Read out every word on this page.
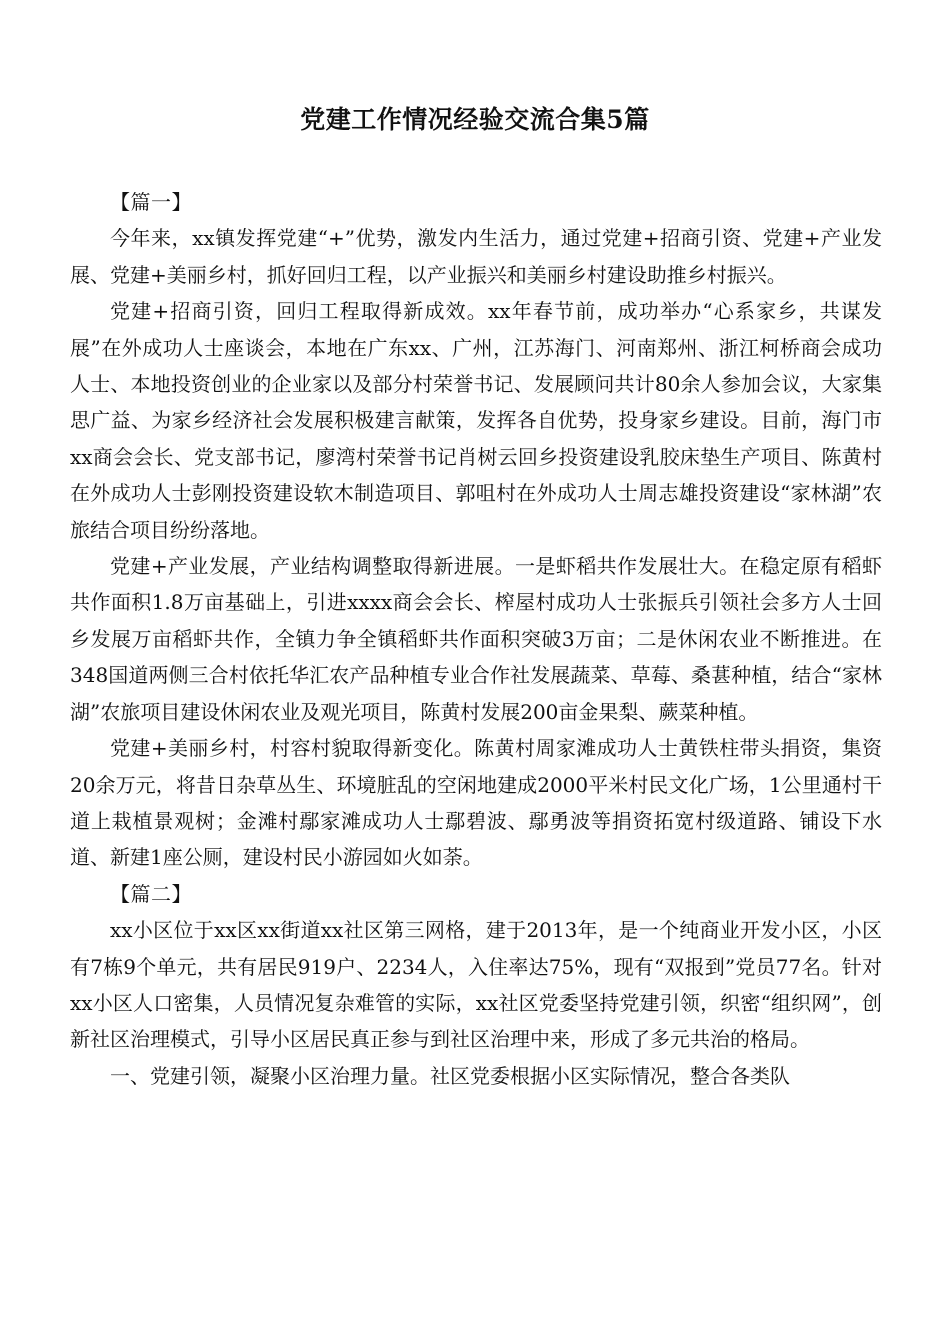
党建工作情况经验交流合集5篇

【篇一】

今年来，xx镇发挥党建“+”优势，激发内生活力，通过党建+招商引资、党建+产业发展、党建+美丽乡村，抓好回归工程，以产业振兴和美丽乡村建设助推乡村振兴。

党建+招商引资，回归工程取得新成效。xx年春节前，成功举办“心系家乡，共谋发展”在外成功人士座谈会，本地在广东xx、广州，江苏海门、河南郑州、浙江柯桥商会成功人士、本地投资创业的企业家以及部分村荣誉书记、发展顾问共计80余人参加会议，大家集思广益、为家乡经济社会发展积极建言献策，发挥各自优势，投身家乡建设。目前，海门市xx商会会长、党支部书记，廖湾村荣誉书记肖树云回乡投资建设乳胶床垫生产项目、陈黄村在外成功人士彭刚投资建设软木制造项目、郭咀村在外成功人士周志雄投资建设“家林湖”农旅结合项目纷纷落地。

党建+产业发展，产业结构调整取得新进展。一是虾稻共作发展壮大。在稳定原有稻虾共作面积1.8万亩基础上，引进xxxx商会会长、榨屋村成功人士张振兵引领社会多方人士回乡发展万亩稻虾共作，全镇力争全镇稻虾共作面积突破3万亩；二是休闲农业不断推进。在348国道两侧三合村依托华汇农产品种植专业合作社发展蔬菜、草莓、桑葚种植，结合“家林湖”农旅项目建设休闲农业及观光项目，陈黄村发展200亩金果梨、蕨菜种植。

党建+美丽乡村，村容村貌取得新变化。陈黄村周家滩成功人士黄铁柱带头捐资，集资20余万元，将昔日杂草丛生、环境脏乱的空闲地建成2000平米村民文化广场，1公里通村干道上栽植景观树；金滩村鄢家滩成功人士鄢碧波、鄢勇波等捐资拓宽村级道路、铺设下水道、新建1座公厕，建设村民小游园如火如荼。

【篇二】

xx小区位于xx区xx街道xx社区第三网格，建于2013年，是一个纯商业开发小区，小区有7栋9个单元，共有居民919户、2234人，入住率达75%，现有“双报到”党员77名。针对xx小区人口密集，人员情况复杂难管的实际，xx社区党委坚持党建引领，织密“组织网”，创新社区治理模式，引导小区居民真正参与到社区治理中来，形成了多元共治的格局。

一、党建引领，凝聚小区治理力量。社区党委根据小区实际情况，整合各类队
